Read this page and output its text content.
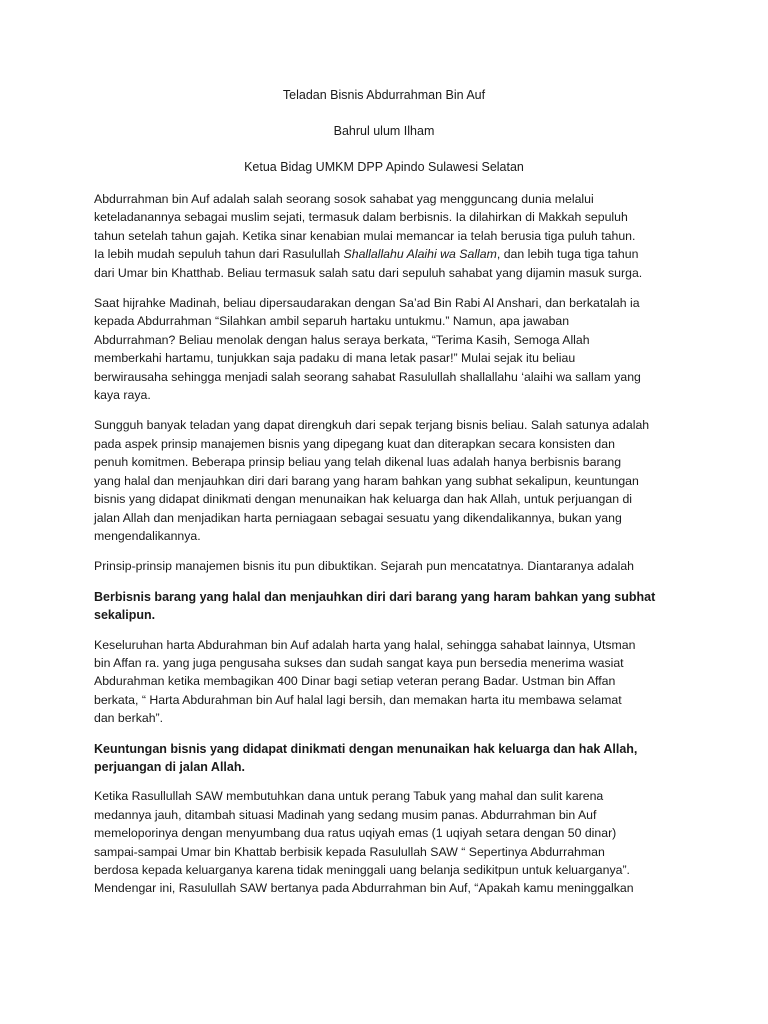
Teladan Bisnis Abdurrahman Bin Auf
Bahrul ulum Ilham
Ketua Bidag UMKM DPP Apindo Sulawesi Selatan
Abdurrahman bin Auf adalah salah seorang sosok sahabat yag mengguncang dunia melalui
keteladanannya sebagai muslim sejati, termasuk dalam berbisnis. Ia dilahirkan di Makkah sepuluh
tahun setelah tahun gajah. Ketika sinar kenabian mulai memancar ia telah berusia tiga puluh tahun.
Ia lebih mudah sepuluh tahun dari Rasulullah Shallallahu Alaihi wa Sallam, dan lebih tuga tiga tahun
dari Umar bin Khatthab. Beliau termasuk salah satu dari sepuluh sahabat yang dijamin masuk surga.
Saat hijrahke Madinah, beliau dipersaudarakan dengan Sa’ad Bin Rabi Al Anshari, dan berkatalah ia
kepada Abdurrahman “Silahkan ambil separuh hartaku untukmu.” Namun, apa jawaban
Abdurrahman? Beliau menolak dengan halus seraya berkata, “Terima Kasih, Semoga Allah
memberkahi hartamu, tunjukkan saja padaku di mana letak pasar!” Mulai sejak itu beliau
berwirausaha sehingga menjadi salah seorang sahabat Rasulullah shallallahu ‘alaihi wa sallam yang
kaya raya.
Sungguh banyak teladan yang dapat direngkuh dari sepak terjang bisnis beliau. Salah satunya adalah
pada aspek prinsip manajemen bisnis yang dipegang kuat dan diterapkan secara konsisten dan
penuh komitmen. Beberapa prinsip beliau yang telah dikenal luas adalah hanya berbisnis barang
yang halal dan menjauhkan diri dari barang yang haram bahkan yang subhat sekalipun, keuntungan
bisnis yang didapat dinikmati dengan menunaikan hak keluarga dan hak Allah, untuk perjuangan di
jalan Allah dan menjadikan harta perniagaan sebagai sesuatu yang dikendalikannya, bukan yang
mengendalikannya.
Prinsip-prinsip manajemen bisnis itu pun dibuktikan. Sejarah pun mencatatnya. Diantaranya adalah
Berbisnis barang yang halal dan menjauhkan diri dari barang yang haram bahkan yang subhat
sekalipun.
Keseluruhan harta Abdurahman bin Auf adalah harta yang halal, sehingga sahabat lainnya, Utsman
bin Affan ra. yang juga pengusaha sukses dan sudah sangat kaya pun bersedia menerima wasiat
Abdurahman ketika membagikan 400 Dinar bagi setiap veteran perang Badar. Ustman bin Affan
berkata, “ Harta Abdurahman bin Auf halal lagi bersih, dan memakan harta itu membawa selamat
dan berkah”.
Keuntungan bisnis yang didapat dinikmati dengan menunaikan hak keluarga dan hak Allah,
perjuangan di jalan Allah.
Ketika Rasullullah SAW membutuhkan dana untuk perang Tabuk yang mahal dan sulit karena
medannya jauh, ditambah situasi Madinah yang sedang musim panas. Abdurrahman bin Auf
memeloporinya dengan menyumbang dua ratus uqiyah emas (1 uqiyah setara dengan 50 dinar)
sampai-sampai Umar bin Khattab berbisik kepada Rasulullah SAW “ Sepertinya Abdurrahman
berdosa kepada keluarganya karena tidak meninggali uang belanja sedikitpun untuk keluarganya”.
Mendengar ini, Rasulullah SAW bertanya pada Abdurrahman bin Auf, “Apakah kamu meninggalkan
